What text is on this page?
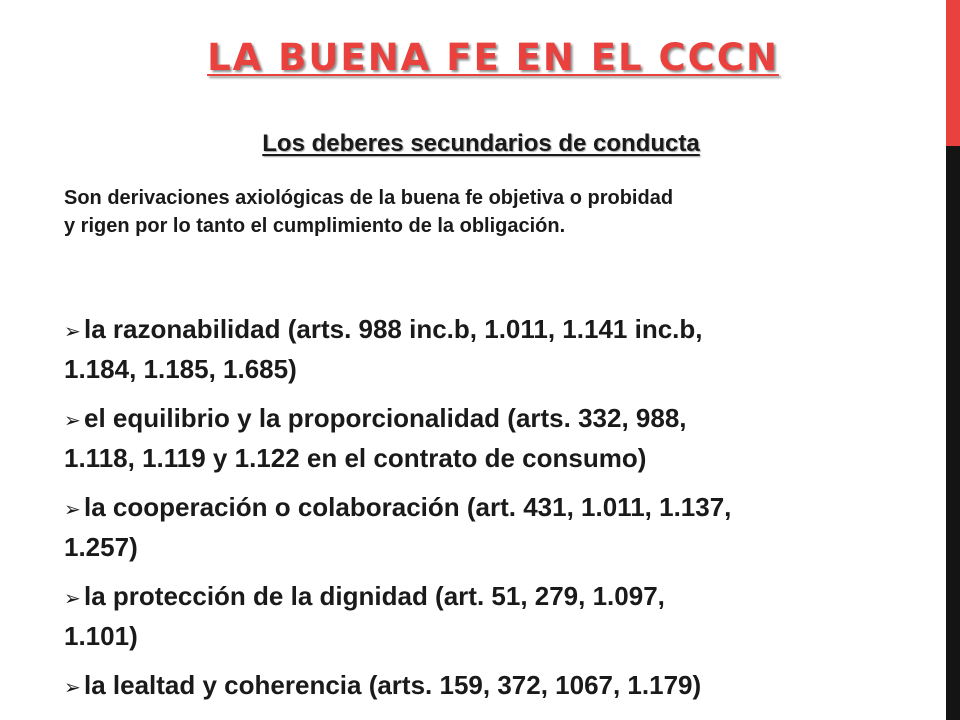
LA BUENA FE EN EL CCCN
Los deberes secundarios de conducta

Son derivaciones axiológicas de la buena fe objetiva o probidad
y rigen por lo tanto el cumplimiento de la obligación.

➢ la razonabilidad (arts. 988 inc.b, 1.011, 1.141 inc.b,
1.184, 1.185, 1.685)
➢ el equilibrio y la proporcionalidad (arts. 332, 988,
1.118, 1.119 y 1.122 en el contrato de consumo)
➢ la cooperación o colaboración (art. 431, 1.011, 1.137,
1.257)
➢ la protección de la dignidad (art. 51, 279, 1.097,
1.101)
➢ la lealtad y coherencia (arts. 159, 372, 1067, 1.179)
